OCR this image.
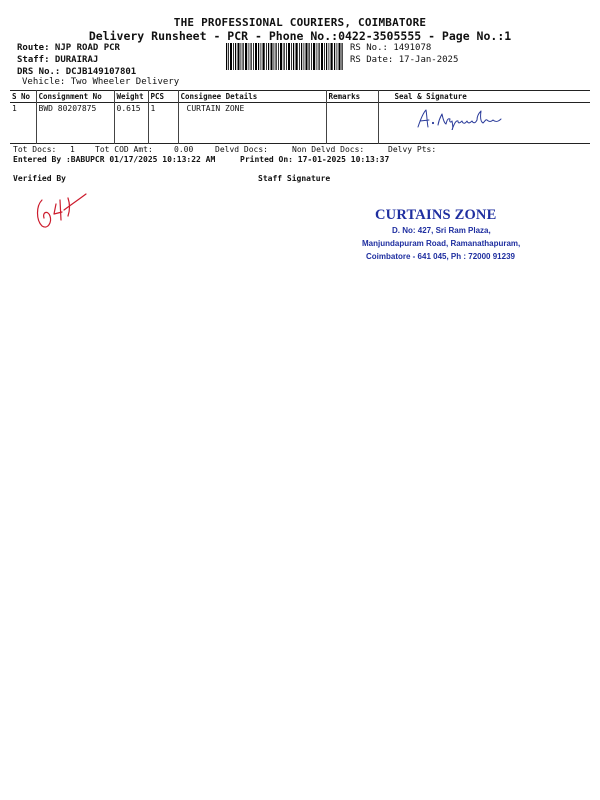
THE PROFESSIONAL COURIERS, COIMBATORE
Delivery Runsheet - PCR - Phone No.:0422-3505555 - Page No.:1
Route: NJP ROAD PCR
Staff: DURAIRAJ
DRS No.: DCJB149107801
Vehicle: Two Wheeler Delivery
RS No.: 1491078
RS Date: 17-Jan-2025
S No	Consignment No	Weight	PCS	Consignee Details	Remarks	Seal & Signature
1	BWD 80207875	0.615	1	CURTAIN ZONE		
Tot Docs: 1	Tot COD Amt:	0.00	Delvd Docs:	Non Delvd Docs:	Delvy Pts:
Entered By :BABUPCR 01/17/2025 10:13:22 AM	Printed On: 17-01-2025 10:13:37
Verified By	Staff Signature
CURTAINS ZONE
D. No: 427, Sri Ram Plaza,
Manjundapuram Road, Ramanathapuram,
Coimbatore - 641 045, Ph : 72000 91239
